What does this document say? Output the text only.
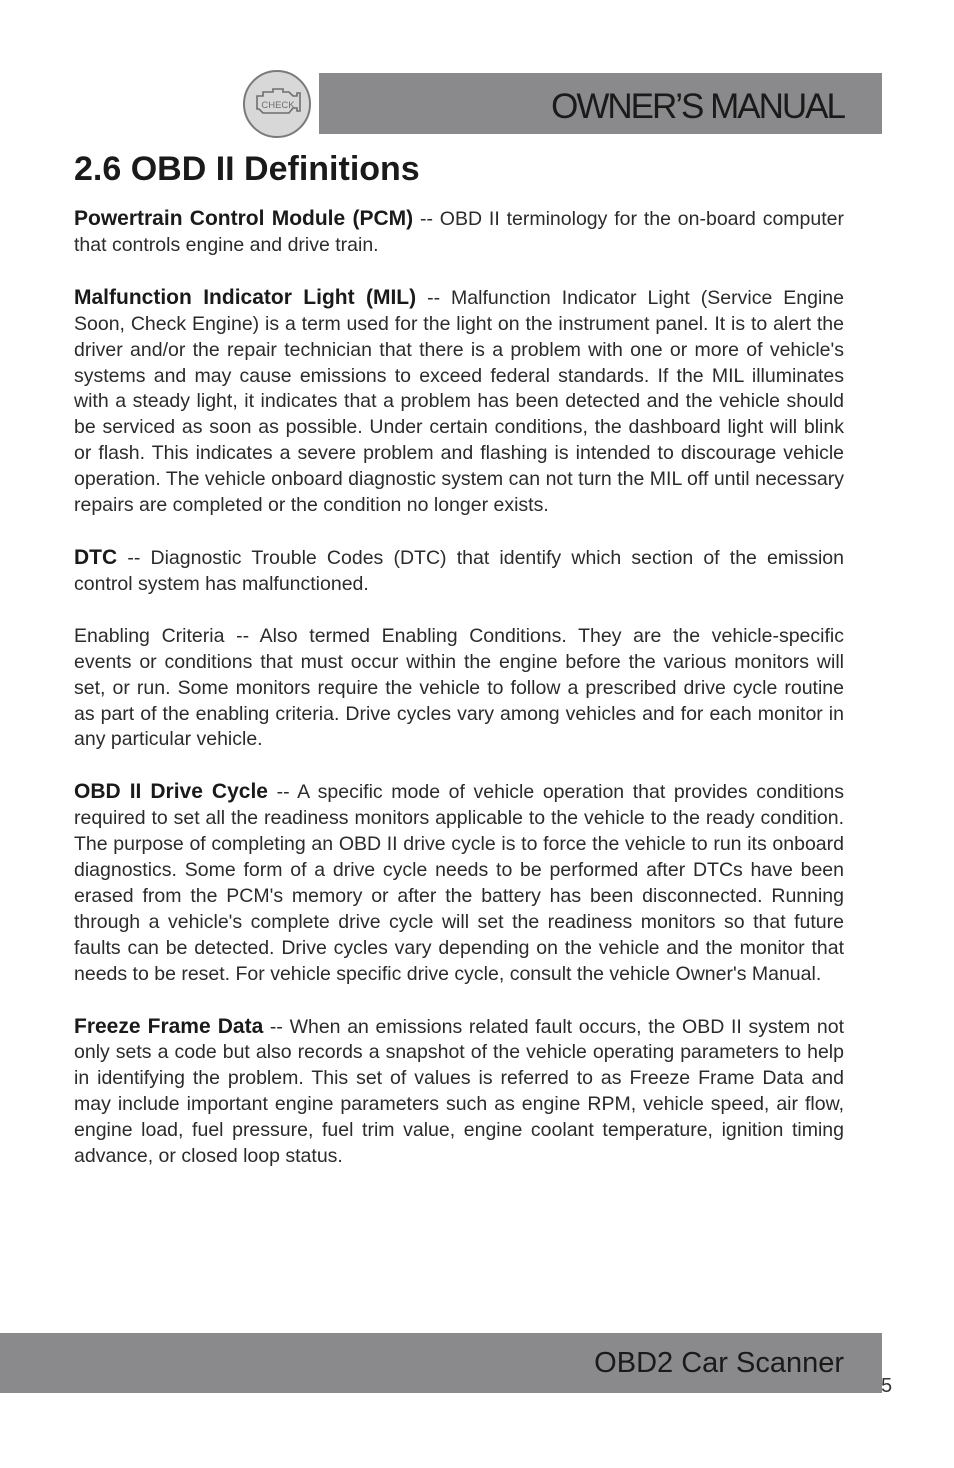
CHECK	OWNER’S MANUAL
2.6 OBD II Definitions

Powertrain Control Module (PCM) -- OBD II terminology for the on-board computer that controls engine and drive train.

Malfunction Indicator Light (MIL) -- Malfunction Indicator Light (Service Engine Soon, Check Engine) is a term used for the light on the instrument panel. It is to alert the driver and/or the repair technician that there is a problem with one or more of vehicle's systems and may cause emissions to exceed federal standards. If the MIL illuminates with a steady light, it indicates that a problem has been detected and the vehicle should be serviced as soon as possible. Under certain conditions, the dashboard light will blink or flash. This indicates a severe problem and flashing is intended to discourage vehicle operation. The vehicle onboard diagnostic system can not turn the MIL off until necessary repairs are completed or the condition no longer exists.

DTC -- Diagnostic Trouble Codes (DTC) that identify which section of the emission control system has malfunctioned.

Enabling Criteria -- Also termed Enabling Conditions. They are the vehicle-specific events or conditions that must occur within the engine before the various monitors will set, or run. Some monitors require the vehicle to follow a prescribed drive cycle routine as part of the enabling criteria. Drive cycles vary among vehicles and for each monitor in any particular vehicle.

OBD II Drive Cycle -- A specific mode of vehicle operation that provides conditions required to set all the readiness monitors applicable to the vehicle to the ready condition. The purpose of completing an OBD II drive cycle is to force the vehicle to run its onboard diagnostics. Some form of a drive cycle needs to be performed after DTCs have been erased from the PCM's memory or after the battery has been disconnected. Running through a vehicle's complete drive cycle will set the readiness monitors so that future faults can be detected. Drive cycles vary depending on the vehicle and the monitor that needs to be reset. For vehicle specific drive cycle, consult the vehicle Owner's Manual.

Freeze Frame Data -- When an emissions related fault occurs, the OBD II system not only sets a code but also records a snapshot of the vehicle operating parameters to help in identifying the problem. This set of values is referred to as Freeze Frame Data and may include important engine parameters such as engine RPM, vehicle speed, air flow, engine load, fuel pressure, fuel trim value, engine coolant temperature, ignition timing advance, or closed loop status.

OBD2 Car Scanner
5
